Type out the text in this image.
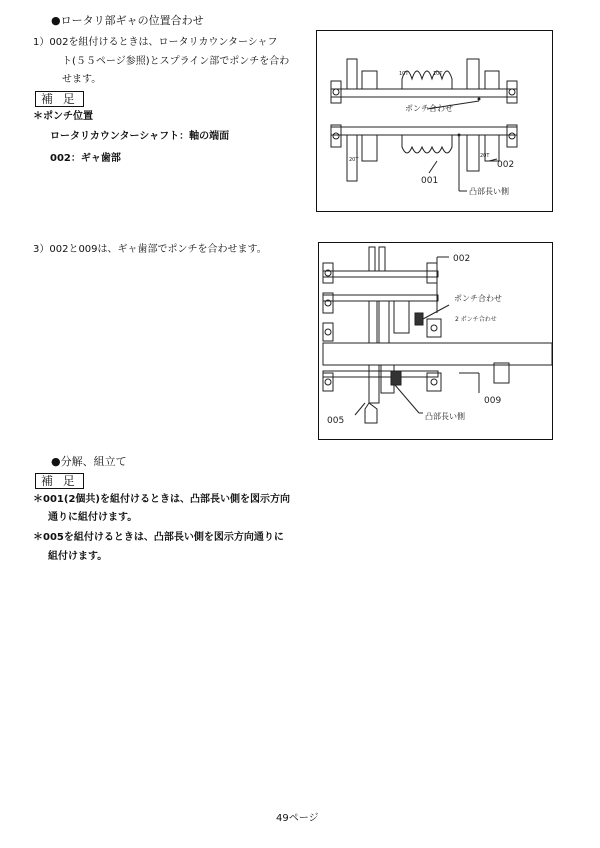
●ロータリ部ギャの位置合わせ
1）002を組付けるときは、ロータリカウンターシャフ
ト(５５ページ参照)とスプライン部でポンチを合わ
せます。
補 足
＊ポンチ位置
ロータリカウンターシャフト：軸の端面
002：ギャ歯部
10T	10T
ポンチ合わせ
20T
20T
002
001
凸部長い側
3）002と009は、ギャ歯部でポンチを合わせます。
002
ポンチ合わせ
2 ポンチ合わせ
009
005	凸部長い側
●分解、組立て
補 足
＊001(2個共)を組付けるときは、凸部長い側を図示方向
通りに組付けます。
＊005を組付けるときは、凸部長い側を図示方向通りに
組付けます。
49ページ
